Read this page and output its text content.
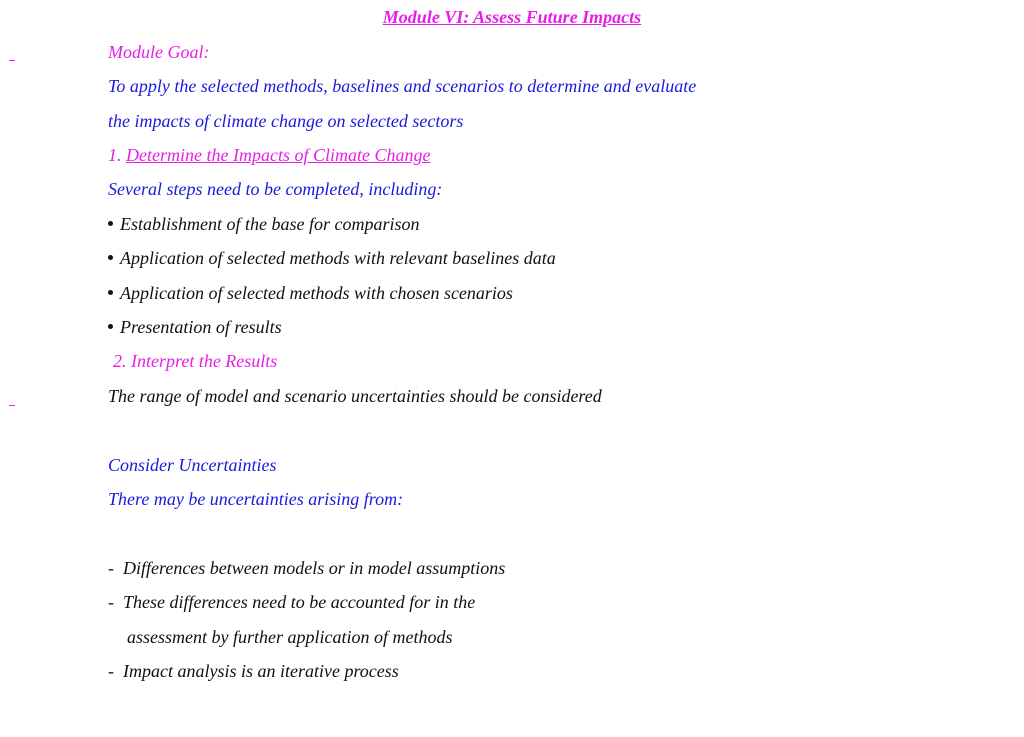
Module VI: Assess Future Impacts
Module Goal:
To apply the selected methods, baselines and scenarios to determine and evaluate
the impacts of climate change on selected sectors
1. Determine the Impacts of Climate Change
Several steps need to be completed, including:
Establishment of the base for comparison
Application of selected methods with relevant baselines data
Application of selected methods with chosen scenarios
Presentation of results
2. Interpret the Results
The range of model and scenario uncertainties should be considered
Consider Uncertainties
There may be uncertainties arising from:
- Differences between models or in model assumptions
- These differences need to be accounted for in the
assessment by further application of methods
- Impact analysis is an iterative process
